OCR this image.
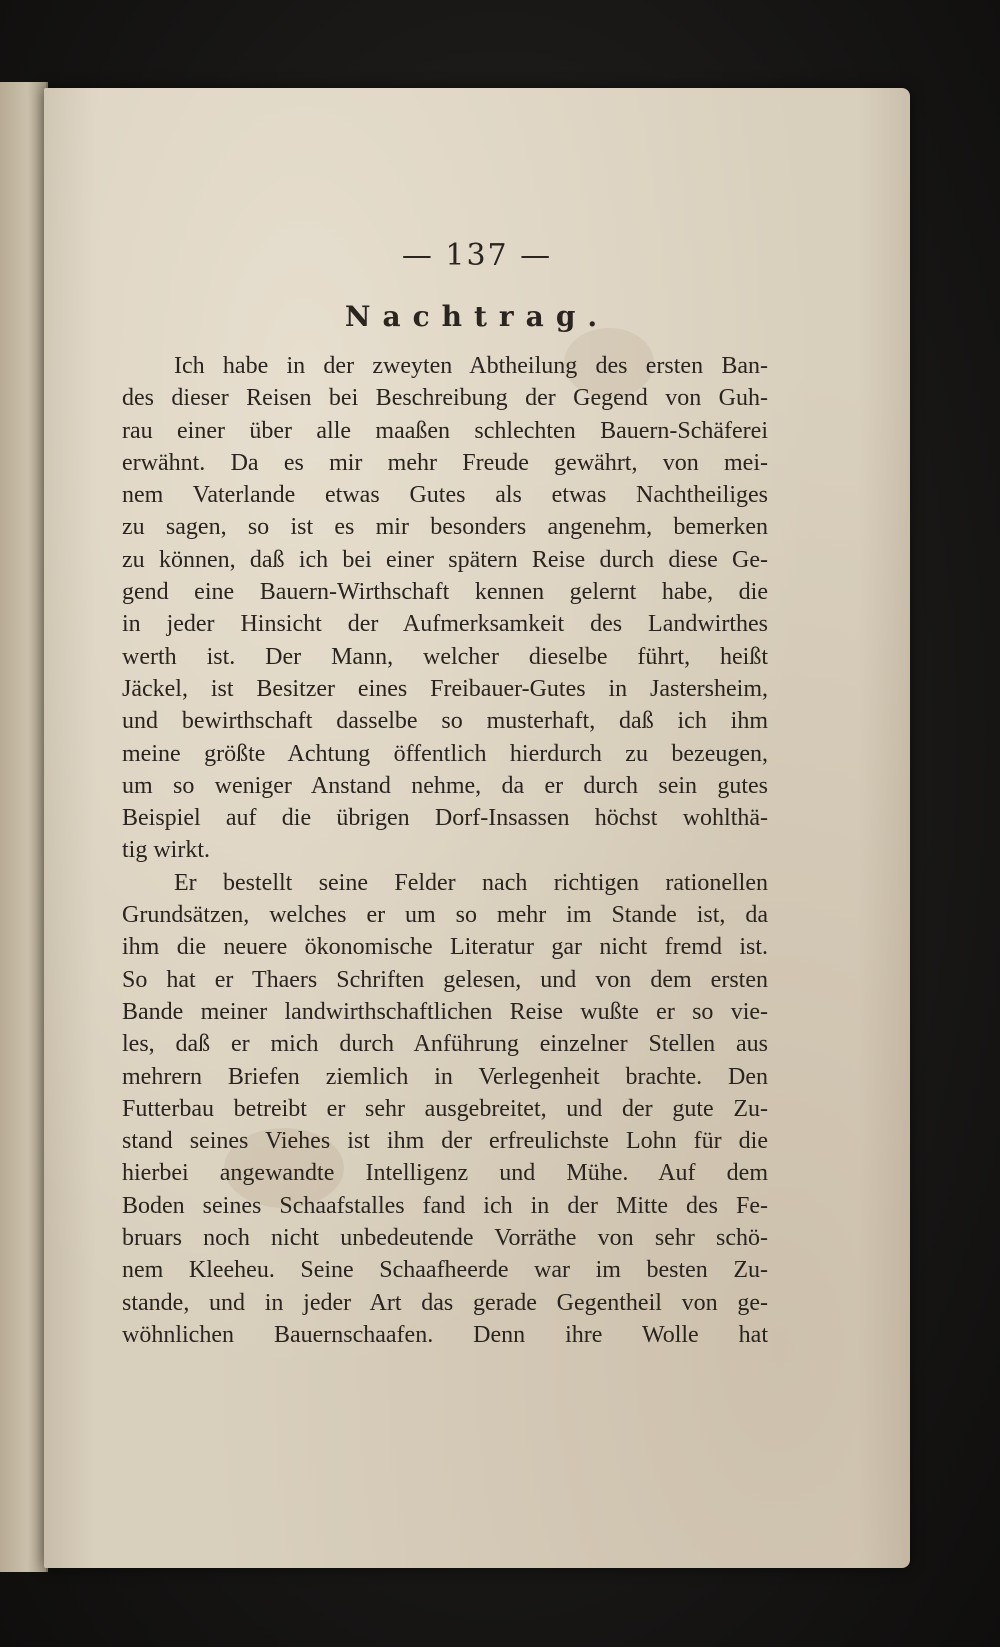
— 137 —
Nachtrag.
Ich habe in der zweyten Abtheilung des ersten Ban-
des dieser Reisen bei Beschreibung der Gegend von Guh-
rau einer über alle maaßen schlechten Bauern-Schäferei
erwähnt. Da es mir mehr Freude gewährt, von mei-
nem Vaterlande etwas Gutes als etwas Nachtheiliges
zu sagen, so ist es mir besonders angenehm, bemerken
zu können, daß ich bei einer spätern Reise durch diese Ge-
gend eine Bauern-Wirthschaft kennen gelernt habe, die
in jeder Hinsicht der Aufmerksamkeit des Landwirthes
werth ist. Der Mann, welcher dieselbe führt, heißt
Jäckel, ist Besitzer eines Freibauer-Gutes in Jastersheim,
und bewirthschaft dasselbe so musterhaft, daß ich ihm
meine größte Achtung öffentlich hierdurch zu bezeugen,
um so weniger Anstand nehme, da er durch sein gutes
Beispiel auf die übrigen Dorf-Insassen höchst wohlthä-
tig wirkt.
Er bestellt seine Felder nach richtigen rationellen
Grundsätzen, welches er um so mehr im Stande ist, da
ihm die neuere ökonomische Literatur gar nicht fremd ist.
So hat er Thaers Schriften gelesen, und von dem ersten
Bande meiner landwirthschaftlichen Reise wußte er so vie-
les, daß er mich durch Anführung einzelner Stellen aus
mehrern Briefen ziemlich in Verlegenheit brachte. Den
Futterbau betreibt er sehr ausgebreitet, und der gute Zu-
stand seines Viehes ist ihm der erfreulichste Lohn für die
hierbei angewandte Intelligenz und Mühe. Auf dem
Boden seines Schaafstalles fand ich in der Mitte des Fe-
bruars noch nicht unbedeutende Vorräthe von sehr schö-
nem Kleeheu. Seine Schaafheerde war im besten Zu-
stande, und in jeder Art das gerade Gegentheil von ge-
wöhnlichen Bauernschaafen. Denn ihre Wolle hat
